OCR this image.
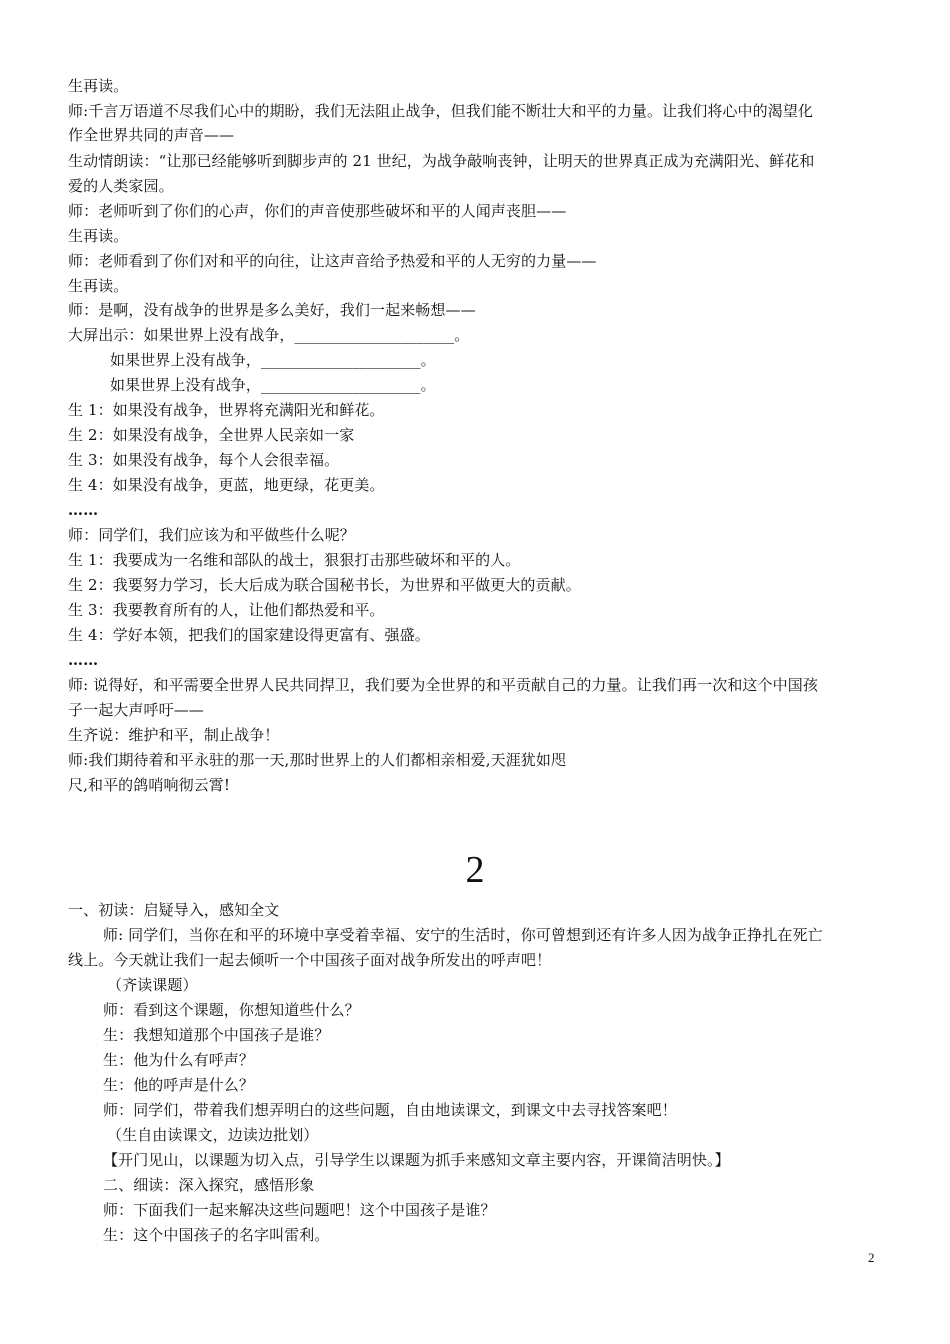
生再读。
师:千言万语道不尽我们心中的期盼，我们无法阻止战争，但我们能不断壮大和平的力量。让我们将心中的渴望化
作全世界共同的声音——
生动情朗读：“让那已经能够听到脚步声的 21 世纪，为战争敲响丧钟，让明天的世界真正成为充满阳光、鲜花和
爱的人类家园。
师：老师听到了你们的心声，你们的声音使那些破坏和平的人闻声丧胆——
生再读。
师：老师看到了你们对和平的向往，让这声音给予热爱和平的人无穷的力量——
生再读。
师：是啊，没有战争的世界是多么美好，我们一起来畅想——
大屏出示：如果世界上没有战争，_____________________。
如果世界上没有战争，_____________________。
如果世界上没有战争，_____________________。
生 1：如果没有战争，世界将充满阳光和鲜花。
生 2：如果没有战争，全世界人民亲如一家
生 3：如果没有战争，每个人会很幸福。
生 4：如果没有战争，更蓝，地更绿，花更美。
……
师：同学们，我们应该为和平做些什么呢？
生 1：我要成为一名维和部队的战士，狠狠打击那些破坏和平的人。
生 2：我要努力学习，长大后成为联合国秘书长，为世界和平做更大的贡献。
生 3：我要教育所有的人，让他们都热爱和平。
生 4：学好本领，把我们的国家建设得更富有、强盛。
……
师: 说得好，和平需要全世界人民共同捍卫，我们要为全世界的和平贡献自己的力量。让我们再一次和这个中国孩
子一起大声呼吁——
生齐说：维护和平，制止战争！
师:我们期待着和平永驻的那一天,那时世界上的人们都相亲相爱,天涯犹如咫
尺,和平的鸽哨响彻云霄!
2
一、初读：启疑导入，感知全文
师: 同学们，当你在和平的环境中享受着幸福、安宁的生活时，你可曾想到还有许多人因为战争正挣扎在死亡
线上。今天就让我们一起去倾听一个中国孩子面对战争所发出的呼声吧！
（齐读课题）
师：看到这个课题，你想知道些什么？
生：我想知道那个中国孩子是谁？
生：他为什么有呼声？
生：他的呼声是什么？
师：同学们，带着我们想弄明白的这些问题，自由地读课文，到课文中去寻找答案吧！
（生自由读课文，边读边批划）
【开门见山，以课题为切入点，引导学生以课题为抓手来感知文章主要内容，开课简洁明快。】
二、细读：深入探究，感悟形象
师：下面我们一起来解决这些问题吧！这个中国孩子是谁？
生：这个中国孩子的名字叫雷利。
2
